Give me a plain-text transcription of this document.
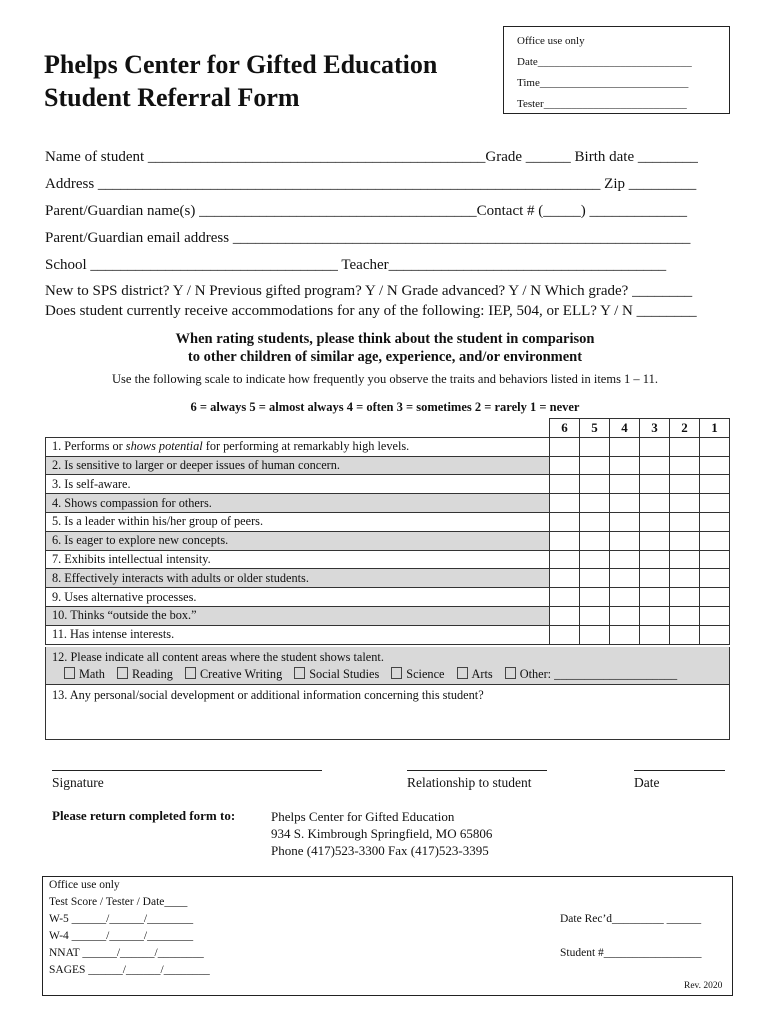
Office use only
Date____________________________
Time___________________________
Tester__________________________
Phelps Center for Gifted Education
Student Referral Form
Name of student _____________________________________________Grade ______ Birth date ________
Address ___________________________________________________________________ Zip _________
Parent/Guardian name(s) _____________________________________Contact # (_____) _____________
Parent/Guardian email address _____________________________________________________________
School _________________________________ Teacher_____________________________________
New to SPS district? Y / N Previous gifted program? Y / N Grade advanced? Y / N Which grade? ________
Does student currently receive accommodations for any of the following: IEP, 504, or ELL? Y / N ________
When rating students, please think about the student in comparison
to other children of similar age, experience, and/or environment
Use the following scale to indicate how frequently you observe the traits and behaviors listed in items 1 – 11.
6 = always 5 = almost always 4 = often 3 = sometimes 2 = rarely 1 = never
	6	5	4	3	2	1
1. Performs or shows potential for performing at remarkably high levels.						
2. Is sensitive to larger or deeper issues of human concern.						
3. Is self-aware.						
4. Shows compassion for others.						
5. Is a leader within his/her group of peers.						
6. Is eager to explore new concepts.						
7. Exhibits intellectual intensity.						
8. Effectively interacts with adults or older students.						
9. Uses alternative processes.						
10. Thinks “outside the box.”						
11. Has intense interests.						
12. Please indicate all content areas where the student shows talent.
Math Reading Creative Writing Social Studies Science Arts Other: ____________________
13. Any personal/social development or additional information concerning this student?
Signature	Relationship to student	Date
Please return completed form to:	Phelps Center for Gifted Education
934 S. Kimbrough Springfield, MO 65806
Phone (417)523-3300 Fax (417)523-3395
Office use only
Test Score / Tester / Date____
W-5 ______/______/________
W-4 ______/______/________
NNAT ______/______/________
SAGES ______/______/________
Date Rec’d_________ ______
Student #_________________
Rev. 2020
